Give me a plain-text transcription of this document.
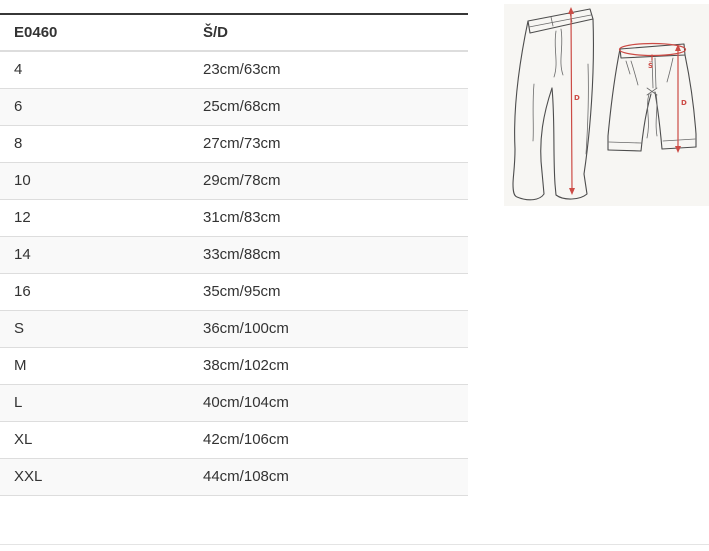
E0460	Š/D
4	23cm/63cm
6	25cm/68cm
8	27cm/73cm
10	29cm/78cm
12	31cm/83cm
14	33cm/88cm
16	35cm/95cm
S	36cm/100cm
M	38cm/102cm
L	40cm/104cm
XL	42cm/106cm
XXL	44cm/108cm
D
Š
D
